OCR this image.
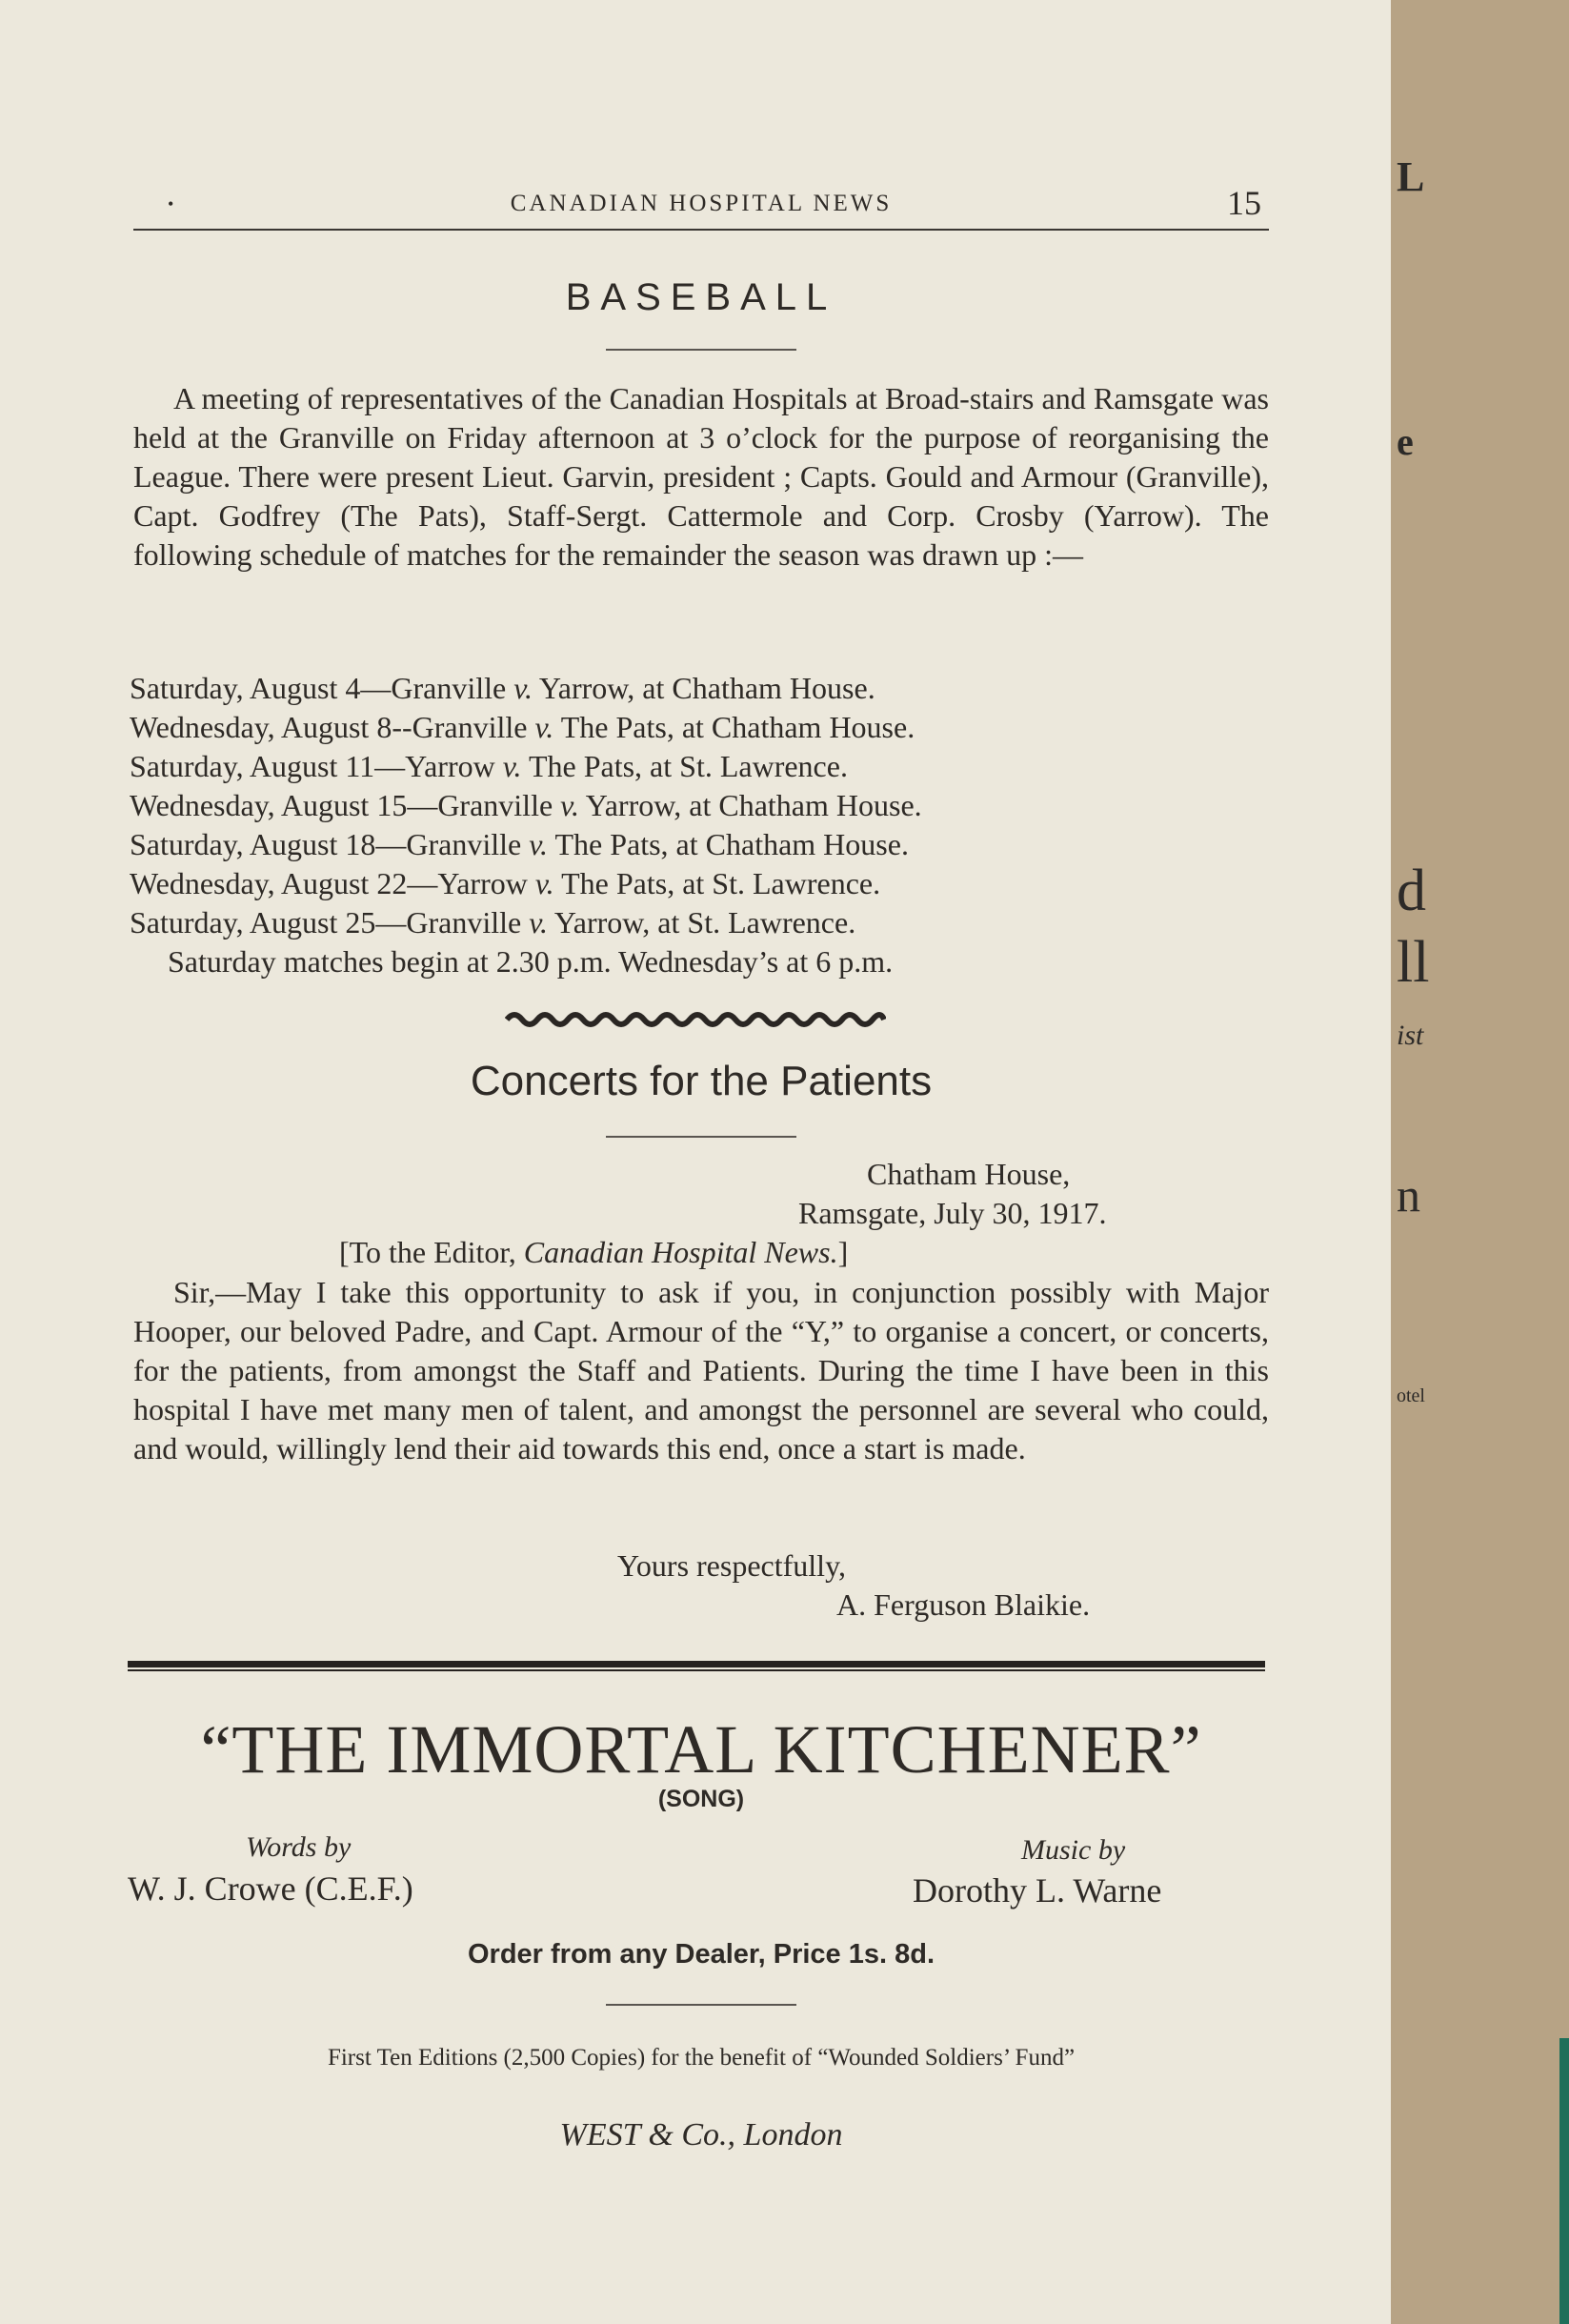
•	CANADIAN HOSPITAL NEWS	15
BASEBALL

A meeting of representatives of the Canadian Hospitals at Broad-stairs and Ramsgate was held at the Granville on Friday afternoon at 3 o’clock for the purpose of reorganising the League. There were present Lieut. Garvin, president ; Capts. Gould and Armour (Granville), Capt. Godfrey (The Pats), Staff-Sergt. Cattermole and Corp. Crosby (Yarrow). The following schedule of matches for the remainder the season was drawn up :—

Saturday, August 4—Granville v. Yarrow, at Chatham House.
Wednesday, August 8--Granville v. The Pats, at Chatham House.
Saturday, August 11—Yarrow v. The Pats, at St. Lawrence.
Wednesday, August 15—Granville v. Yarrow, at Chatham House.
Saturday, August 18—Granville v. The Pats, at Chatham House.
Wednesday, August 22—Yarrow v. The Pats, at St. Lawrence.
Saturday, August 25—Granville v. Yarrow, at St. Lawrence.
Saturday matches begin at 2.30 p.m. Wednesday’s at 6 p.m.
Concerts for the Patients
Chatham House,
Ramsgate, July 30, 1917.
[To the Editor, Canadian Hospital News.]

Sir,—May I take this opportunity to ask if you, in conjunction possibly with Major Hooper, our beloved Padre, and Capt. Armour of the “Y,” to organise a concert, or concerts, for the patients, from amongst the Staff and Patients. During the time I have been in this hospital I have met many men of talent, and amongst the personnel are several who could, and would, willingly lend their aid towards this end, once a start is made.

Yours respectfully,
A. Ferguson Blaikie.
“THE IMMORTAL KITCHENER”
(SONG)
Words by
W. J. Crowe (C.E.F.)
Music by
Dorothy L. Warne
Order from any Dealer, Price 1s. 8d.
First Ten Editions (2,500 Copies) for the benefit of “Wounded Soldiers’ Fund”
WEST & Co., London
L
e
d
ll
ist
n
otel
